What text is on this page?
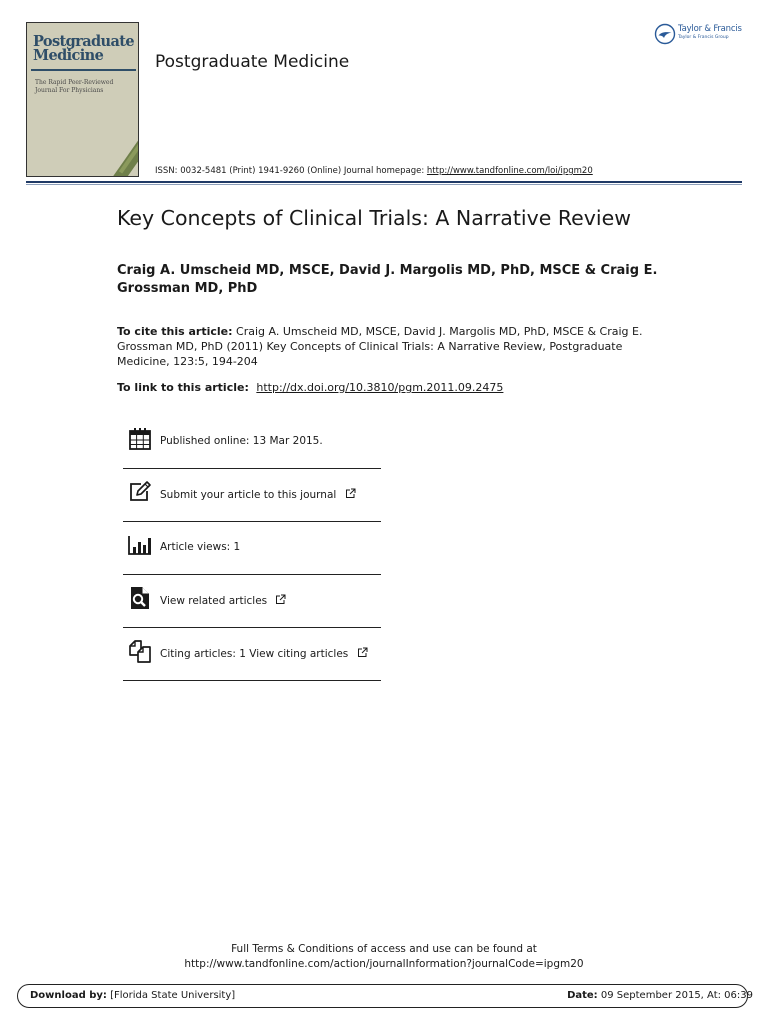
Postgraduate
Medicine
The Rapid Peer-Reviewed
Journal For Physicians
Postgraduate Medicine
ISSN: 0032-5481 (Print) 1941-9260 (Online) Journal homepage: http://www.tandfonline.com/loi/ipgm20
Taylor & Francis
Taylor & Francis Group
Key Concepts of Clinical Trials: A Narrative Review
Craig A. Umscheid MD, MSCE, David J. Margolis MD, PhD, MSCE & Craig E.
Grossman MD, PhD
To cite this article: Craig A. Umscheid MD, MSCE, David J. Margolis MD, PhD, MSCE & Craig E. Grossman MD, PhD (2011) Key Concepts of Clinical Trials: A Narrative Review, Postgraduate Medicine, 123:5, 194-204
To link to this article: http://dx.doi.org/10.3810/pgm.2011.09.2475
Published online: 13 Mar 2015.
Submit your article to this journal
Article views: 1
View related articles
Citing articles: 1 View citing articles
Full Terms & Conditions of access and use can be found at
http://www.tandfonline.com/action/journalInformation?journalCode=ipgm20
Download by: [Florida State University]	Date: 09 September 2015, At: 06:39
